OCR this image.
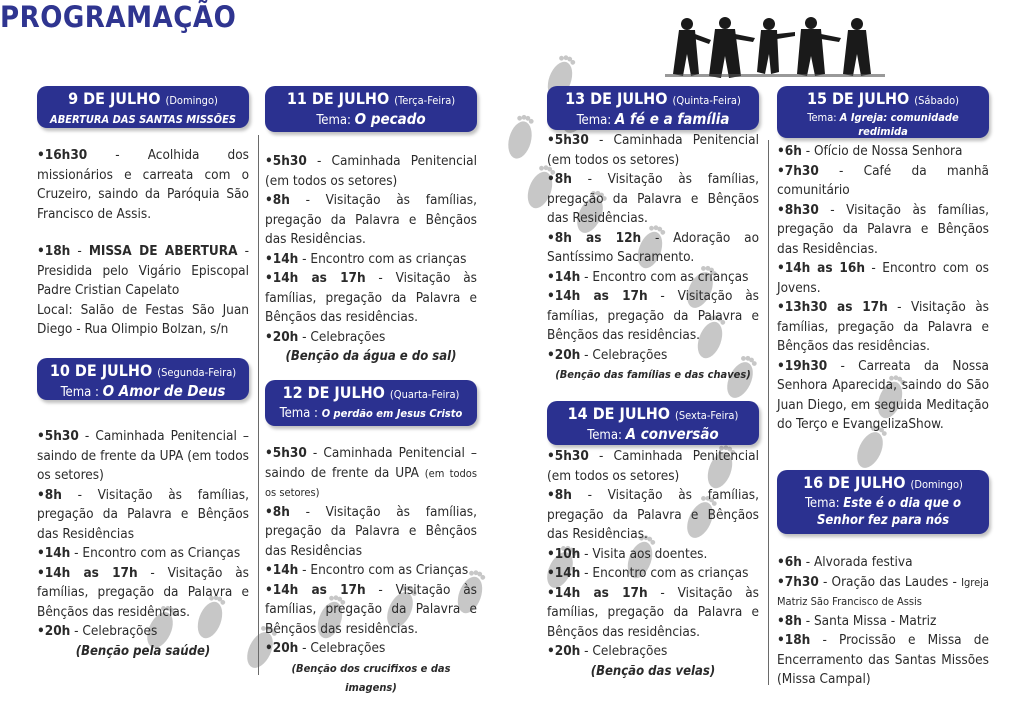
PROGRAMAÇÃO
9 DE JULHO (Domingo)
ABERTURA DAS SANTAS MISSÕES

•16h30 - Acolhida dos missionários e carreata com o Cruzeiro, saindo da Paróquia São Francisco de Assis.

•18h - MISSA DE ABERTURA - Presidida pelo Vigário Episcopal Padre Cristian Capelato

Local: Salão de Festas São Juan Diego - Rua Olimpio Bolzan, s/n

10 DE JULHO (Segunda-Feira)
Tema : O Amor de Deus

•5h30 - Caminhada Penitencial – saindo de frente da UPA (em todos os setores)

•8h - Visitação às famílias, pregação da Palavra e Bênçãos das Residências

•14h - Encontro com as Crianças

•14h as 17h - Visitação às famílias, pregação da Palavra e Bênçãos das residências.

•20h - Celebrações

(Benção pela saúde)

11 DE JULHO (Terça-Feira)
Tema: O pecado

•5h30 - Caminhada Penitencial (em todos os setores)

•8h - Visitação às famílias, pregação da Palavra e Bênçãos das Residências.

•14h - Encontro com as crianças

•14h as 17h - Visitação às famílias, pregação da Palavra e Bênçãos das residências.

•20h - Celebrações

(Benção da água e do sal)

12 DE JULHO (Quarta-Feira)
Tema : O perdão em Jesus Cristo

•5h30 - Caminhada Penitencial – saindo de frente da UPA (em todos os setores)

•8h - Visitação às famílias, pregação da Palavra e Bênçãos das Residências

•14h - Encontro com as Crianças

•14h as 17h - Visitação às famílias, pregação da Palavra e Bênçãos das residências.

•20h - Celebrações

(Benção dos crucifixos e das imagens)

13 DE JULHO (Quinta-Feira)
Tema: A fé e a família

•5h30 - Caminhada Penitencial (em todos os setores)

•8h - Visitação às famílias, pregação da Palavra e Bênçãos das Residências.

•8h as 12h - Adoração ao Santíssimo Sacramento.

•14h - Encontro com as crianças

•14h as 17h - Visitação às famílias, pregação da Palavra e Bênçãos das residências.

•20h - Celebrações

(Benção das famílias e das chaves)

14 DE JULHO (Sexta-Feira)
Tema: A conversão

•5h30 - Caminhada Penitencial (em todos os setores)

•8h - Visitação às famílias, pregação da Palavra e Bênçãos das Residências.

•10h - Visita aos doentes.

•14h - Encontro com as crianças

•14h as 17h - Visitação às famílias, pregação da Palavra e Bênçãos das residências.

•20h - Celebrações

(Benção das velas)

15 DE JULHO (Sábado)
Tema: A Igreja: comunidade redimida

•6h - Ofício de Nossa Senhora

•7h30 - Café da manhã comunitário

•8h30 - Visitação às famílias, pregação da Palavra e Bênçãos das Residências.

•14h as 16h - Encontro com os Jovens.

•13h30 as 17h - Visitação às famílias, pregação da Palavra e Bênçãos das residências.

•19h30 - Carreata da Nossa Senhora Aparecida, saindo do São Juan Diego, em seguida Meditação do Terço e EvangelizaShow.

16 DE JULHO (Domingo)
Tema: Este é o dia que o Senhor fez para nós

•6h - Alvorada festiva

•7h30 - Oração das Laudes - Igreja Matriz São Francisco de Assis

•8h - Santa Missa - Matriz

•18h - Procissão e Missa de Encerramento das Santas Missões (Missa Campal)
